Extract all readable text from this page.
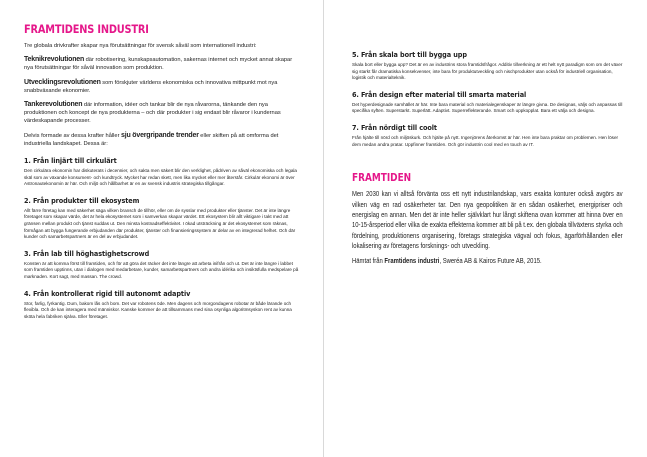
FRAMTIDENS INDUSTRI

Tre globala drivkrafter skapar nya förutsättningar för svensk såväl som internationell industri:

Teknikrevolutionen där robotisering, kunskapsautomation, sakernas internet och mycket annat skapar nya förutsättningar för såväl innovation som produktion.

Utvecklingsrevolutionen som förskjuter världens ekonomiska och innovativa mittpunkt mot nya snabbväxande ekonomier.

Tankerevolutionen där information, idéer och tankar blir de nya råvarorna, tänkande den nya produktionen och koncept de nya produkterna – och där produkter i sig endast blir råvaror i kundernas värdeskapande processer.

Delvis formade av dessa krafter håller sju övergripande trender eller skiften på att omforma det industriella landskapet. Dessa är:

1. Från linjärt till cirkulärt

Den cirkulära ekonomin har diskuterats i decennier, och sakta men säkert blir den verklighet, pådriven av såväl ekonomiska och legala skäl som av växande konsument- och kundtryck. Mycket har redan skett, men lika mycket eller mer återstår. Cirkulär ekonomi är över Astronautekonomin är här. Och miljö och hållbarhet är en av svensk industris strategiska tillgångar.

2. Från produkter till ekosystem

Allt färre företag kan med säkerhet säga vilken bransch de tillhör, eller om de sysslar med produkter eller tjänster. Det är inte längre företaget som skapar värde, det är hela ekosystemet som i samverkan skapar värdet. Ett ekosystem blir allt viktigare i takt med att gränsen mellan produkt och tjänst suddas ut. Den minsta kostnadseffektivitet. I ökad utsträckning är det ekosystemet som räknas, förmågan att bygga fungerande erbjudanden där produkter, tjänster och finansieringssystem är delar av en integrerad helhet. Och där kunder och samarbetspartners är en del av erbjudandet.

3. Från lab till höghastighetscrowd

Konsten är att komma först till framtiden, och för att göra det räcker det inte längre att arbeta inifrån och ut. Det är inte längre i labbet som framtiden upptinns, utan i dialogen med medarbetare, kunder, samarbetspartners och andra idérika och insiktsfulla medspelare på marknaden. Kort sagt, med massan. The crowd.

4. Från kontrollerat rigid till autonomt adaptiv

Stor, farlig, fyrkantig. Dum, bakom lås och bom. Det var robotens öde. Men dagens och morgondagens robotar är både lärande och flexibla. Och de kan interagera med människor. Kanske kommer de att tillsammans med sina osynliga algoritmsyskon rent av kunna sköta hela fabriken själva. Eller företaget.

5. Från skala bort till bygga upp

Skala bort eller bygga upp? Det är en av industrins stora framtidsfrågor. Additiv tillverkning är ett helt nytt paradigm som om det växer sig starkt får dramatiska konsekvenser, inte bara för produktutveckling och nischprodukter utan också för industriell organisation, logistik och materialteknik.

6. Från design efter material till smarta material

Det hyperdesignade samhället är här. Inte bara material och materialegenskaper är längre givna. De designas, väljs och anpassas till specifika syften. Superstarkt. Superlätt. Adaptivt. Superreflekterande. Smart och uppkopplat. Bara ett välja och designa.

7. Från nördigt till coolt

Från hjälte till nörd och miljöskurk. Och hjälte på nytt. Ingenjörens återkomst är här. Hen inte bara praktar om problemen. Hen löser dem medan andra pratar. Uppfinner framtiden. Och gör industrin cool med en touch av IT.

FRAMTIDEN

Men 2030 kan vi alltså förvänta oss ett nytt industrilandskap, vars exakta konturer också avgörs av vilken väg en rad osäkerheter tar. Den nya geopolitiken är en sådan osäkerhet, energipriser och energislag en annan. Men det är inte heller självklart hur långt skiftena ovan kommer att hinna över en 10-15-årsperiod eller vilka de exakta effekterna kommer att bli på t.ex. den globala tillväxtens styrka och fördelning, produktionens organisering, företags strategiska vägval och fokus, ägarförhållanden eller lokalisering av företagens forsknings- och utveckling.

Hämtat från Framtidens industri, Sweréa AB & Kairos Future AB, 2015.
